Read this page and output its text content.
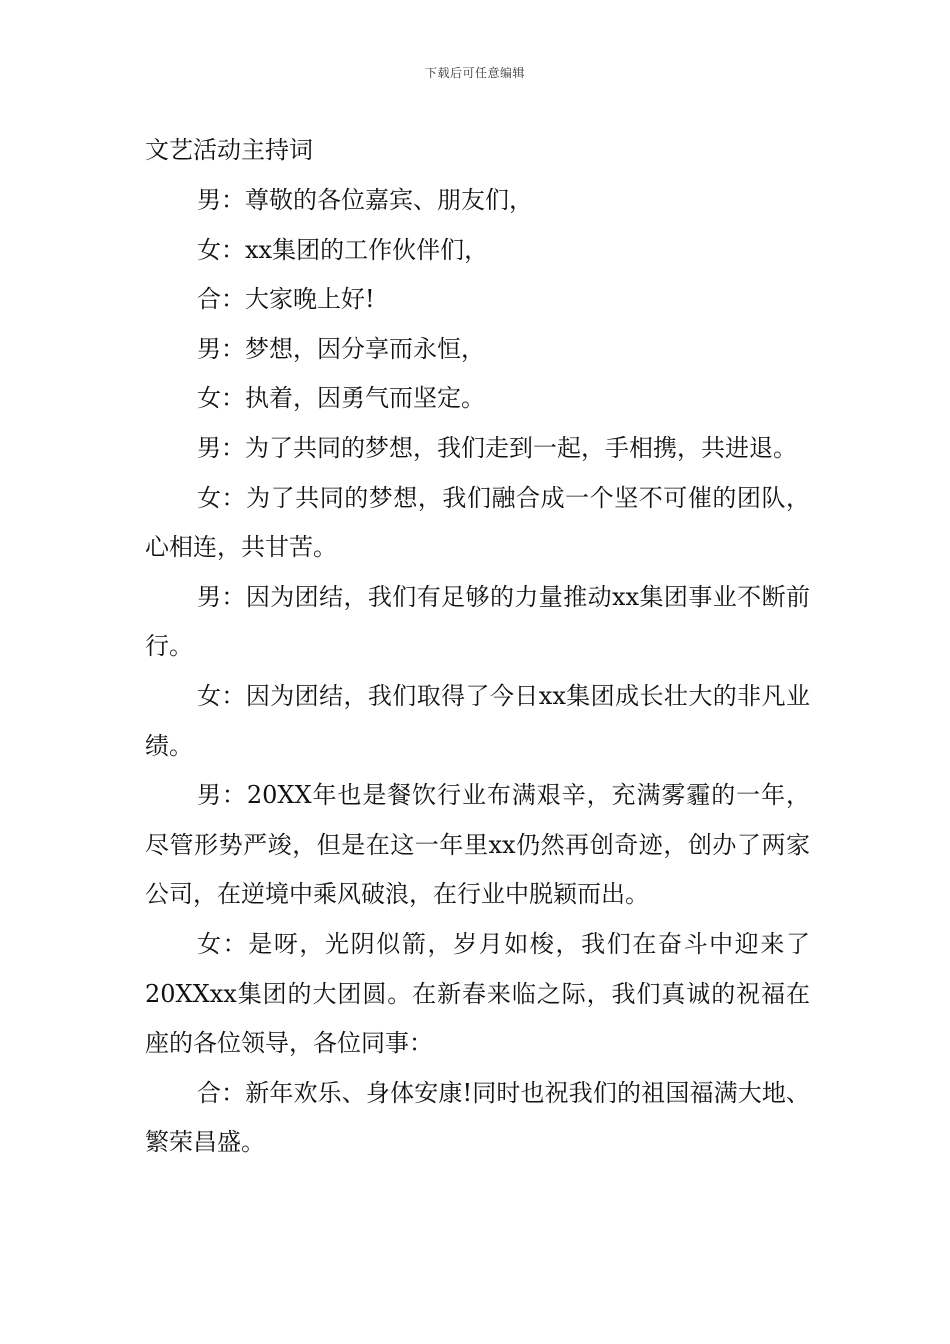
下载后可任意编辑
文艺活动主持词

男：尊敬的各位嘉宾、朋友们，

女：xx集团的工作伙伴们，

合：大家晚上好!

男：梦想，因分享而永恒，

女：执着，因勇气而坚定。

男：为了共同的梦想，我们走到一起，手相携，共进退。

女：为了共同的梦想，我们融合成一个坚不可催的团队，心相连，共甘苦。

男：因为团结，我们有足够的力量推动xx集团事业不断前行。

女：因为团结，我们取得了今日xx集团成长壮大的非凡业绩。

男：20XX年也是餐饮行业布满艰辛，充满雾霾的一年，尽管形势严竣，但是在这一年里xx仍然再创奇迹，创办了两家公司，在逆境中乘风破浪，在行业中脱颖而出。

女：是呀，光阴似箭，岁月如梭，我们在奋斗中迎来了20XXxx集团的大团圆。在新春来临之际，我们真诚的祝福在座的各位领导，各位同事：

合：新年欢乐、身体安康!同时也祝我们的祖国福满大地、繁荣昌盛。
